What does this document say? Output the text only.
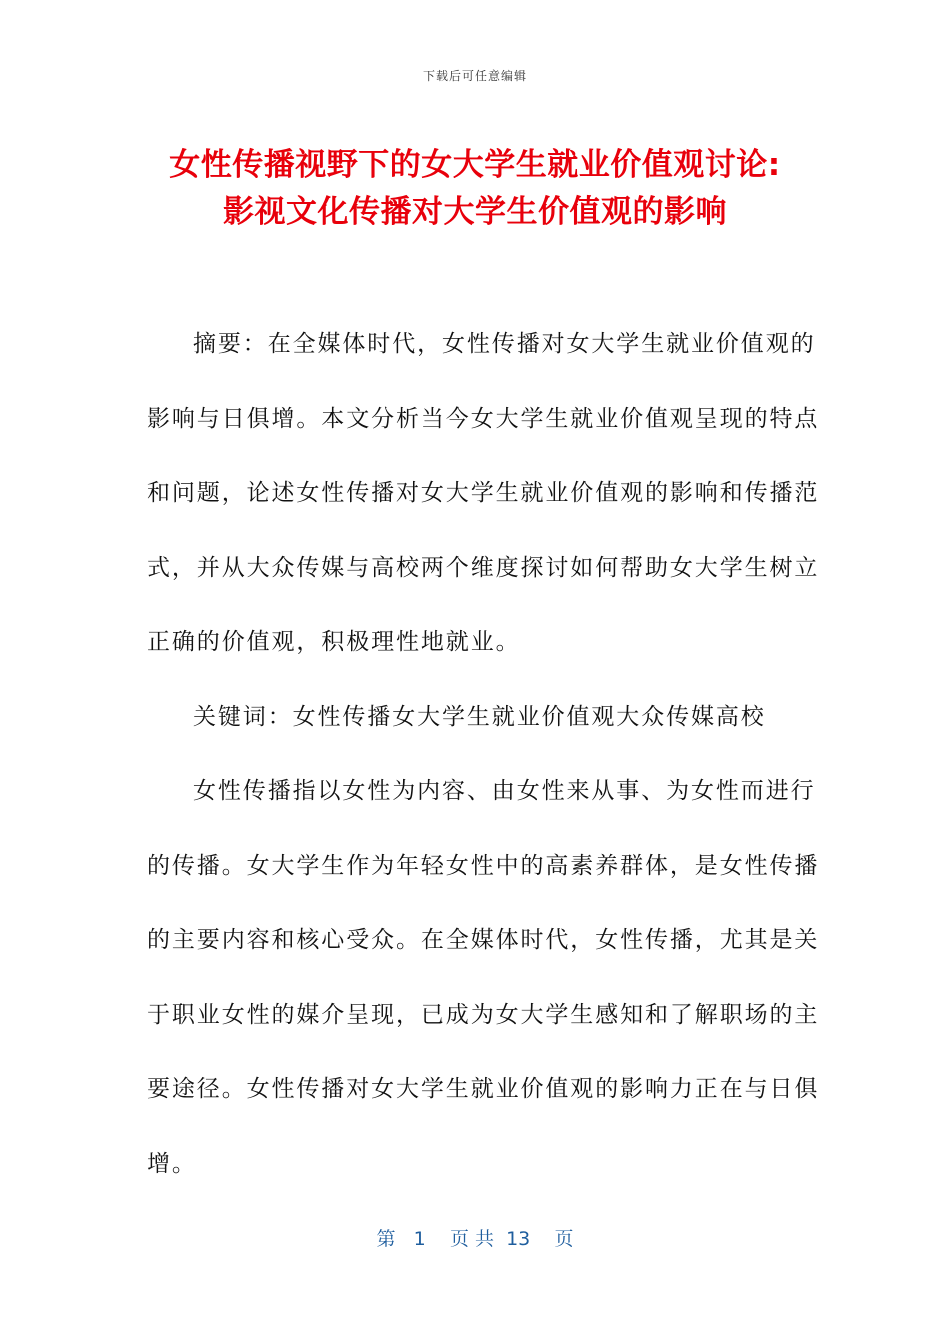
下载后可任意编辑
女性传播视野下的女大学生就业价值观讨论:
影视文化传播对大学生价值观的影响

摘要：在全媒体时代，女性传播对女大学生就业价值观的
影响与日俱增。本文分析当今女大学生就业价值观呈现的特点
和问题，论述女性传播对女大学生就业价值观的影响和传播范
式，并从大众传媒与高校两个维度探讨如何帮助女大学生树立
正确的价值观，积极理性地就业。

关键词：女性传播女大学生就业价值观大众传媒高校

女性传播指以女性为内容、由女性来从事、为女性而进行
的传播。女大学生作为年轻女性中的高素养群体，是女性传播
的主要内容和核心受众。在全媒体时代，女性传播，尤其是关
于职业女性的媒介呈现，已成为女大学生感知和了解职场的主
要途径。女性传播对女大学生就业价值观的影响力正在与日俱
增。

第 1 页 共 13 页
